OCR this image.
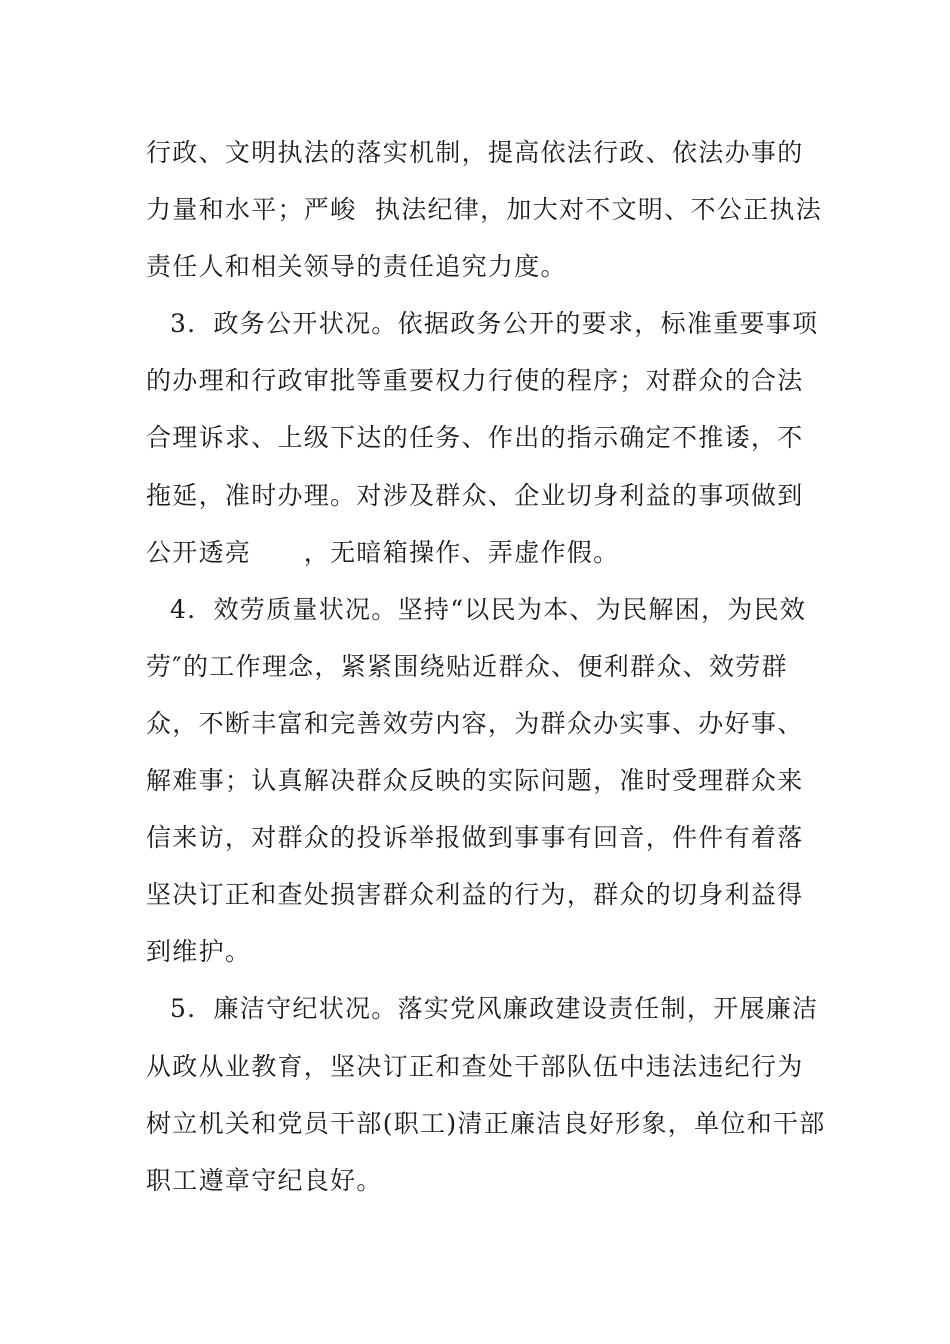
行政、文明执法的落实机制，提高依法行政、依法办事的
力量和水平；严峻  执法纪律，加大对不文明、不公正执法
责任人和相关领导的责任追究力度。
3．政务公开状况。依据政务公开的要求，标准重要事项
的办理和行政审批等重要权力行使的程序；对群众的合法
合理诉求、上级下达的任务、作出的指示确定不推诿，不
拖延，准时办理。对涉及群众、企业切身利益的事项做到
公开透亮　　，无暗箱操作、弄虚作假。
4．效劳质量状况。坚持“以民为本、为民解困，为民效
劳″的工作理念，紧紧围绕贴近群众、便利群众、效劳群
众，不断丰富和完善效劳内容，为群众办实事、办好事、
解难事；认真解决群众反映的实际问题，准时受理群众来
信来访，对群众的投诉举报做到事事有回音，件件有着落
坚决订正和查处损害群众利益的行为，群众的切身利益得
到维护。
5．廉洁守纪状况。落实党风廉政建设责任制，开展廉洁
从政从业教育，坚决订正和查处干部队伍中违法违纪行为
树立机关和党员干部(职工)清正廉洁良好形象，单位和干部
职工遵章守纪良好。
